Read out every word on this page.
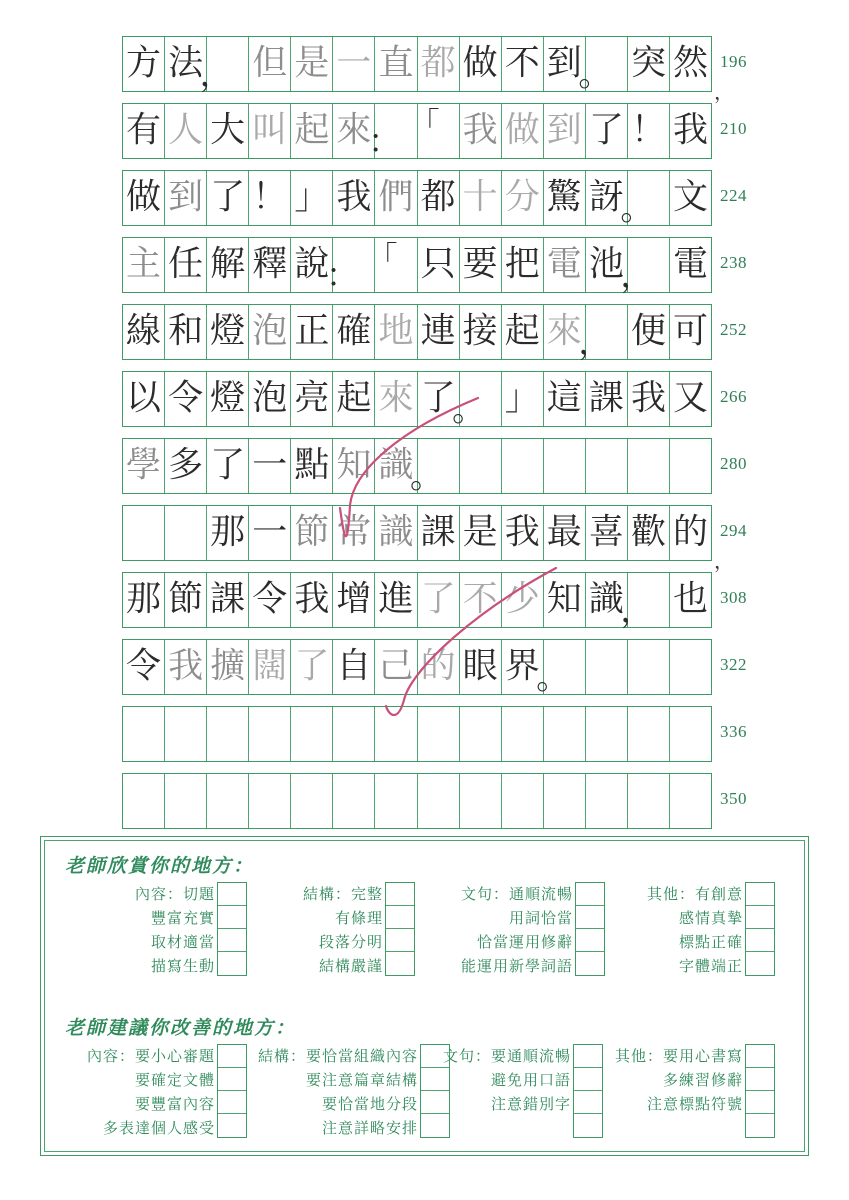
方 法
， 但 是 一 直 都 做 不 到
。 突 然 196
，
有 人 大 叫 起 來
： 「 我 做 到 了 ！ 我 210
做 到 了 ！ 」 我 們 都 十 分 驚 訝
。 文 224
主 任 解 釋 說
： 「 只 要 把 電 池
， 電 238
線 和 燈 泡 正 確 地 連 接 起 來
， 便 可 252
以 令 燈 泡 亮 起 來 了
。 」 這 課 我 又 266
學 多 了 一 點 知 識
。	280
那 一 節 常 識 課 是 我 最 喜 歡 的 294
，
那 節 課 令 我 增 進 了 不 少 知 識
， 也 308
令 我 擴 闊 了 自 己 的 眼 界
。	322
336
350
老師欣賞你的地方：
內容： 切題
豐富充實
取材適當
描寫生動
結構： 完整
有條理
段落分明
結構嚴謹
文句： 通順流暢
用詞恰當
恰當運用修辭
能運用新學詞語
其他： 有創意
感情真摯
標點正確
字體端正
老師建議你改善的地方：
內容： 要小心審題
要確定文體
要豐富內容
多表達個人感受
結構： 要恰當組織內容
要注意篇章結構
要恰當地分段
注意詳略安排
文句： 要通順流暢
避免用口語
注意錯別字
其他： 要用心書寫
多練習修辭
注意標點符號
